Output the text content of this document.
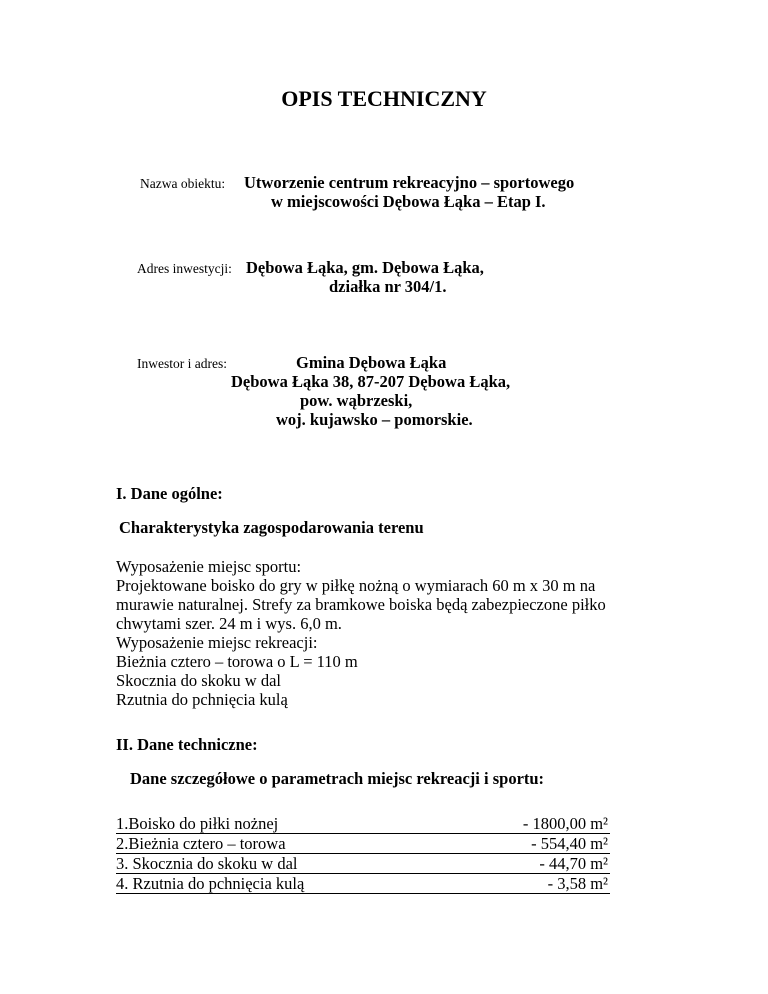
OPIS TECHNICZNY
Nazwa obiektu: Utworzenie centrum rekreacyjno – sportowego
w miejscowości Dębowa Łąka – Etap I.
Adres inwestycji: Dębowa Łąka, gm. Dębowa Łąka,
działka nr 304/1.
Inwestor i adres:	Gmina Dębowa Łąka
Dębowa Łąka 38, 87-207 Dębowa Łąka,
pow. wąbrzeski,
woj. kujawsko – pomorskie.
I. Dane ogólne:
Charakterystyka zagospodarowania terenu
Wyposażenie miejsc sportu:
Projektowane boisko do gry w piłkę nożną o wymiarach 60 m x 30 m na
murawie naturalnej. Strefy za bramkowe boiska będą zabezpieczone piłko
chwytami szer. 24 m i wys. 6,0 m.
Wyposażenie miejsc rekreacji:
Bieżnia cztero – torowa o L = 110 m
Skocznia do skoku w dal
Rzutnia do pchnięcia kulą
II. Dane techniczne:
Dane szczegółowe o parametrach miejsc rekreacji i sportu:
1.Boisko do piłki nożnej	- 1800,00 m²
2.Bieżnia cztero – torowa	- 554,40 m²
3. Skocznia do skoku w dal	- 44,70 m²
4. Rzutnia do pchnięcia kulą	- 3,58 m²
